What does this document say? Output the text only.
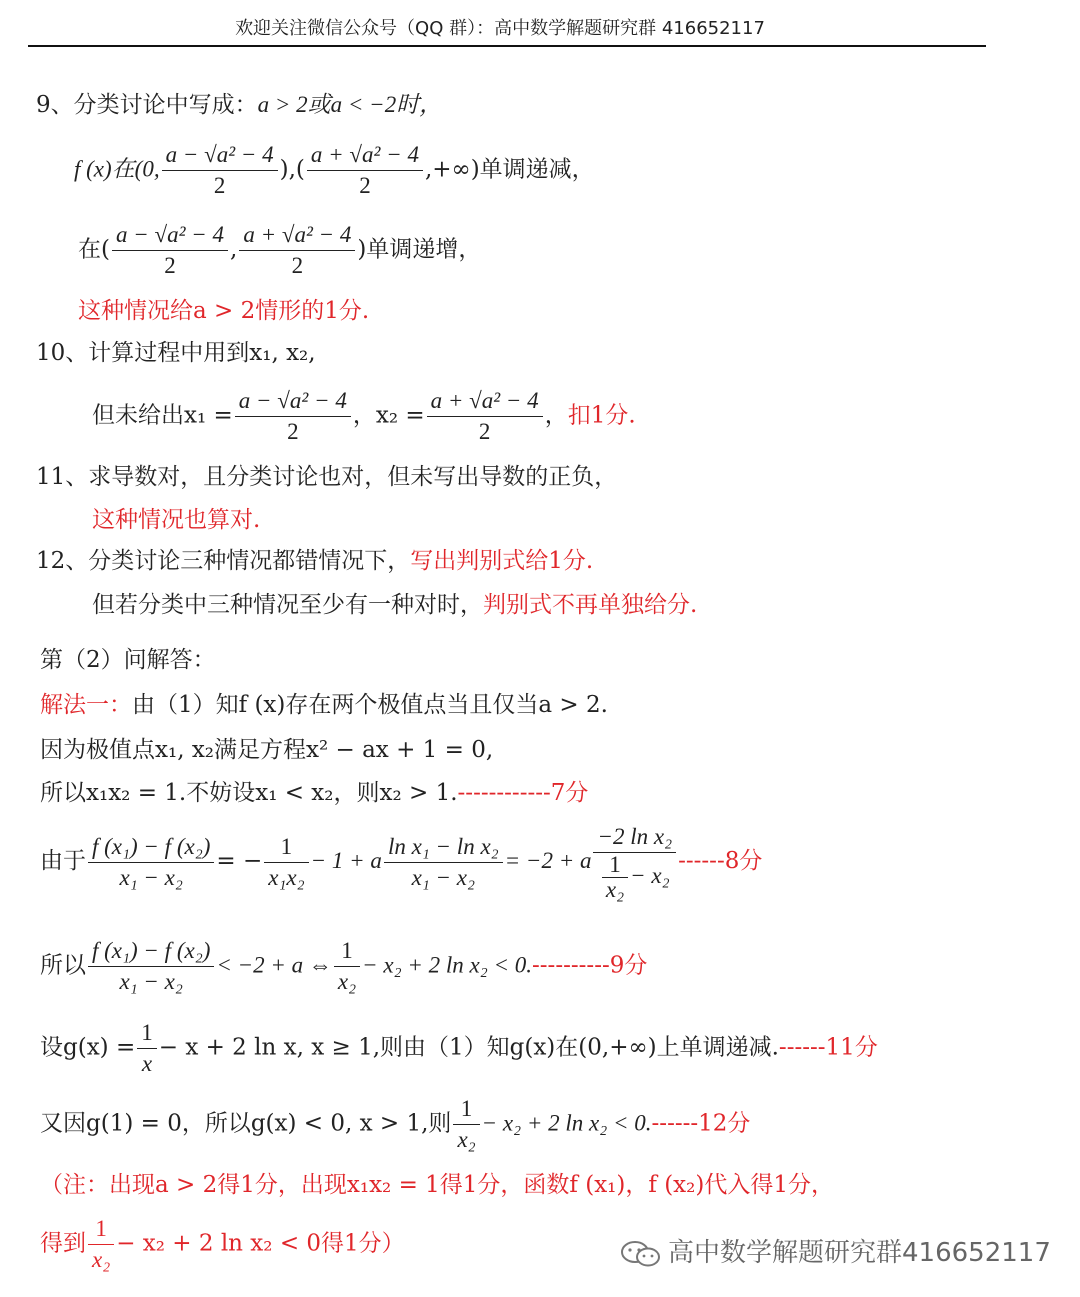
欢迎关注微信公众号（QQ 群）：高中数学解题研究群 416652117
9、分类讨论中写成：a > 2或a < −2时，
f (x)在(0, $\frac{\text{a − √a² − 4}}{2}$ ),( $\frac{\text{a + √a² − 4}}{2}$ ,+∞)单调递减，
在( $\frac{\text{a − √a² − 4}}{2}$ , $\frac{\text{a + √a² − 4}}{2}$ )单调递增，
这种情况给a > 2情形的1分.
10、计算过程中用到x₁, x₂,
但未给出$x_1 = \frac{\text{a − √a² − 4}}{2}$ ，$x_2 = \frac{\text{a + √a² − 4}}{2}$ ，扣1分.
11、求导数对，且分类讨论也对，但未写出导数的正负，
这种情况也算对.
12、分类讨论三种情况都错情况下，写出判别式给1分.
但若分类中三种情况至少有一种对时，判别式不再单独给分.
第（2）问解答：
解法一：由（1）知f (x)存在两个极值点当且仅当a > 2.
因为极值点x₁, x₂满足方程x² − ax + 1 = 0,
所以x₁x₂ = 1.不妨设x₁ < x₂，则x₂ > 1.------------7分
由于 $\frac{\text{f (x₁) − f (x₂)}}{\text{x₁ − x₂}}$ = − $\frac{1}{\text{x₁x₂}} - 1 + a \frac{\text{ln x₁ − ln x₂}}{\text{x₁ − x₂}} = -2 + a \frac{\text{−2 ln x₂}}{\frac{1}{\text{x₂}} - x_2} ------8$分
所以 $\frac{\text{f (x₁) − f (x₂)}}{\text{x₁ − x₂}} < -2 + a$ ⇔ $\frac{1}{\text{x₂}} - x_2 + 2$ ln x₂ < 0.----------9分
设$g(x) = \frac{1}{x} - x + 2$ ln x, x ≥ 1,则由（1）知g(x)在(0,+∞)上单调递减.------11分
又因g(1) = 0，所以g(x) < 0, x > 1,则 $\frac{1}{\text{x₂}} - x_2 + 2$ ln x₂ < 0.------12分
（注：出现a > 2得1分，出现x₁x₂ = 1得1分，函数f (x₁)，f (x₂)代入得1分，
得到 $\frac{1}{\text{x₂}} - x_2 + 2$ ln x₂ < 0得1分）	高中数学解题研究群416652117
